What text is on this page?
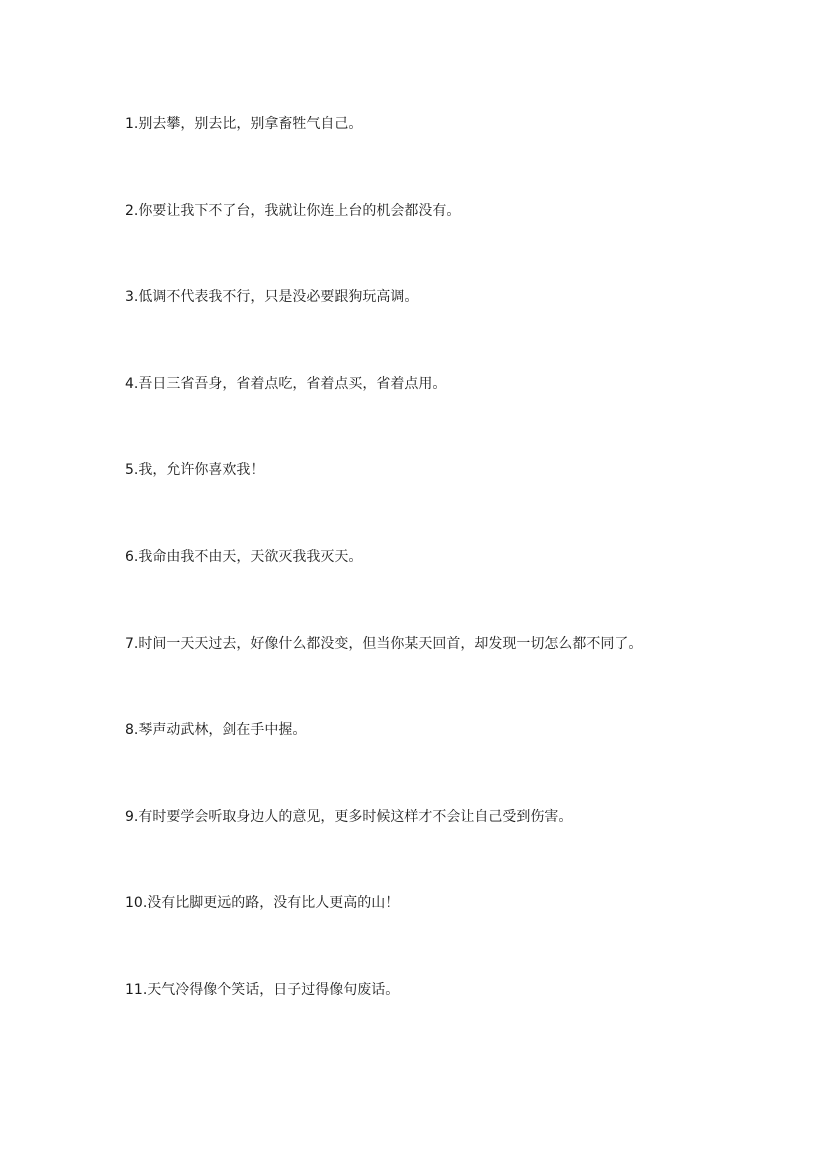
1.别去攀，别去比，别拿畜牲气自己。
2.你要让我下不了台，我就让你连上台的机会都没有。
3.低调不代表我不行，只是没必要跟狗玩高调。
4.吾日三省吾身，省着点吃，省着点买，省着点用。
5.我，允许你喜欢我！
6.我命由我不由天，天欲灭我我灭天。
7.时间一天天过去，好像什么都没变，但当你某天回首，却发现一切怎么都不同了。
8.琴声动武林，剑在手中握。
9.有时要学会听取身边人的意见，更多时候这样才不会让自己受到伤害。
10.没有比脚更远的路，没有比人更高的山！
11.天气冷得像个笑话，日子过得像句废话。
